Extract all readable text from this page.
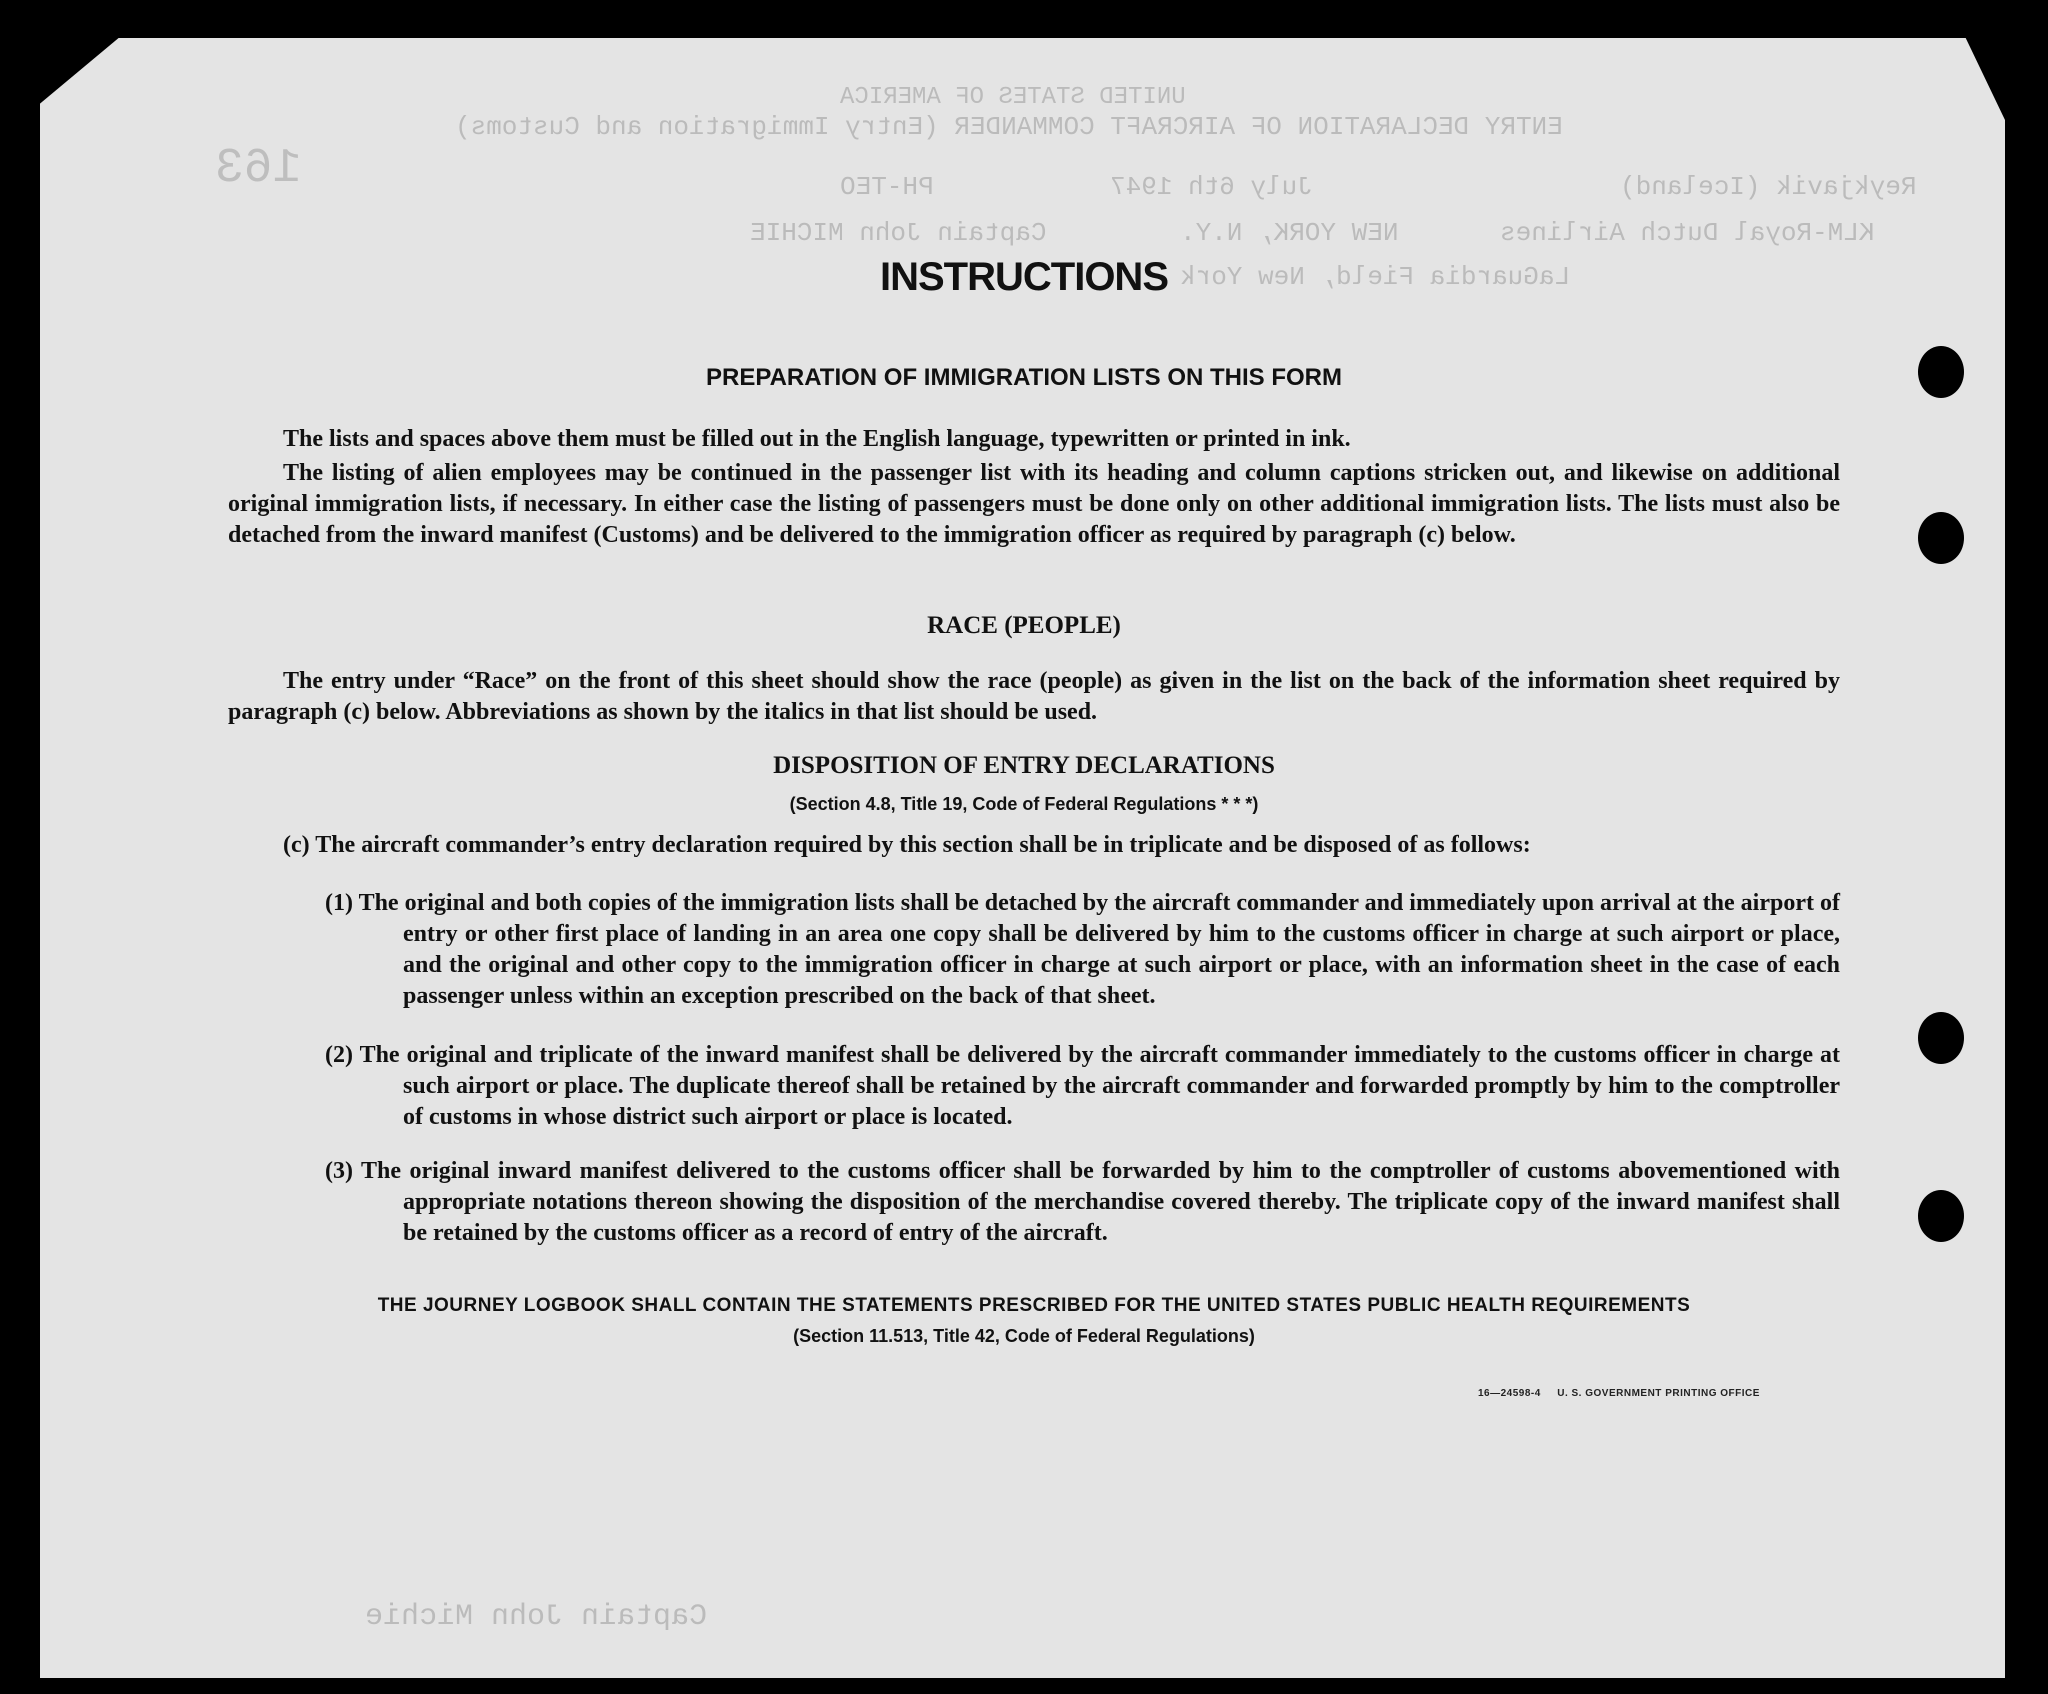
UNITED STATES OF AMERICA
ENTRY DECLARATION OF AIRCRAFT COMMANDER (Entry Immigration and Customs)
Reykjavik (Iceland)
July 6th 1947
PH-TEO
KLM-Royal Dutch Airlines
NEW YORK, N.Y.
Captain John MICHIE
LaGuardia Field, New York
Captain John Michie
163
INSTRUCTIONS
PREPARATION OF IMMIGRATION LISTS ON THIS FORM
The lists and spaces above them must be filled out in the English language, typewritten or printed in ink.
The listing of alien employees may be continued in the passenger list with its heading and column captions stricken out, and likewise on additional original immigration lists, if necessary. In either case the listing of passengers must be done only on other additional immigration lists. The lists must also be detached from the inward manifest (Customs) and be delivered to the immigration officer as required by paragraph (c) below.
RACE (PEOPLE)
The entry under “Race” on the front of this sheet should show the race (people) as given in the list on the back of the information sheet required by paragraph (c) below. Abbreviations as shown by the italics in that list should be used.
DISPOSITION OF ENTRY DECLARATIONS
(Section 4.8, Title 19, Code of Federal Regulations * * *)
(c) The aircraft commander’s entry declaration required by this section shall be in triplicate and be disposed of as follows:
(1) The original and both copies of the immigration lists shall be detached by the aircraft commander and immediately upon arrival at the airport of entry or other first place of landing in an area one copy shall be delivered by him to the customs officer in charge at such airport or place, and the original and other copy to the immigration officer in charge at such airport or place, with an information sheet in the case of each passenger unless within an exception prescribed on the back of that sheet.
(2) The original and triplicate of the inward manifest shall be delivered by the aircraft commander immediately to the customs officer in charge at such airport or place. The duplicate thereof shall be retained by the aircraft commander and forwarded promptly by him to the comptroller of customs in whose district such airport or place is located.
(3) The original inward manifest delivered to the customs officer shall be forwarded by him to the comptroller of customs abovementioned with appropriate notations thereon showing the disposition of the merchandise covered thereby. The triplicate copy of the inward manifest shall be retained by the customs officer as a record of entry of the aircraft.
THE JOURNEY LOGBOOK SHALL CONTAIN THE STATEMENTS PRESCRIBED FOR THE UNITED STATES PUBLIC HEALTH REQUIREMENTS
(Section 11.513, Title 42, Code of Federal Regulations)
16—24598-4 U. S. GOVERNMENT PRINTING OFFICE
